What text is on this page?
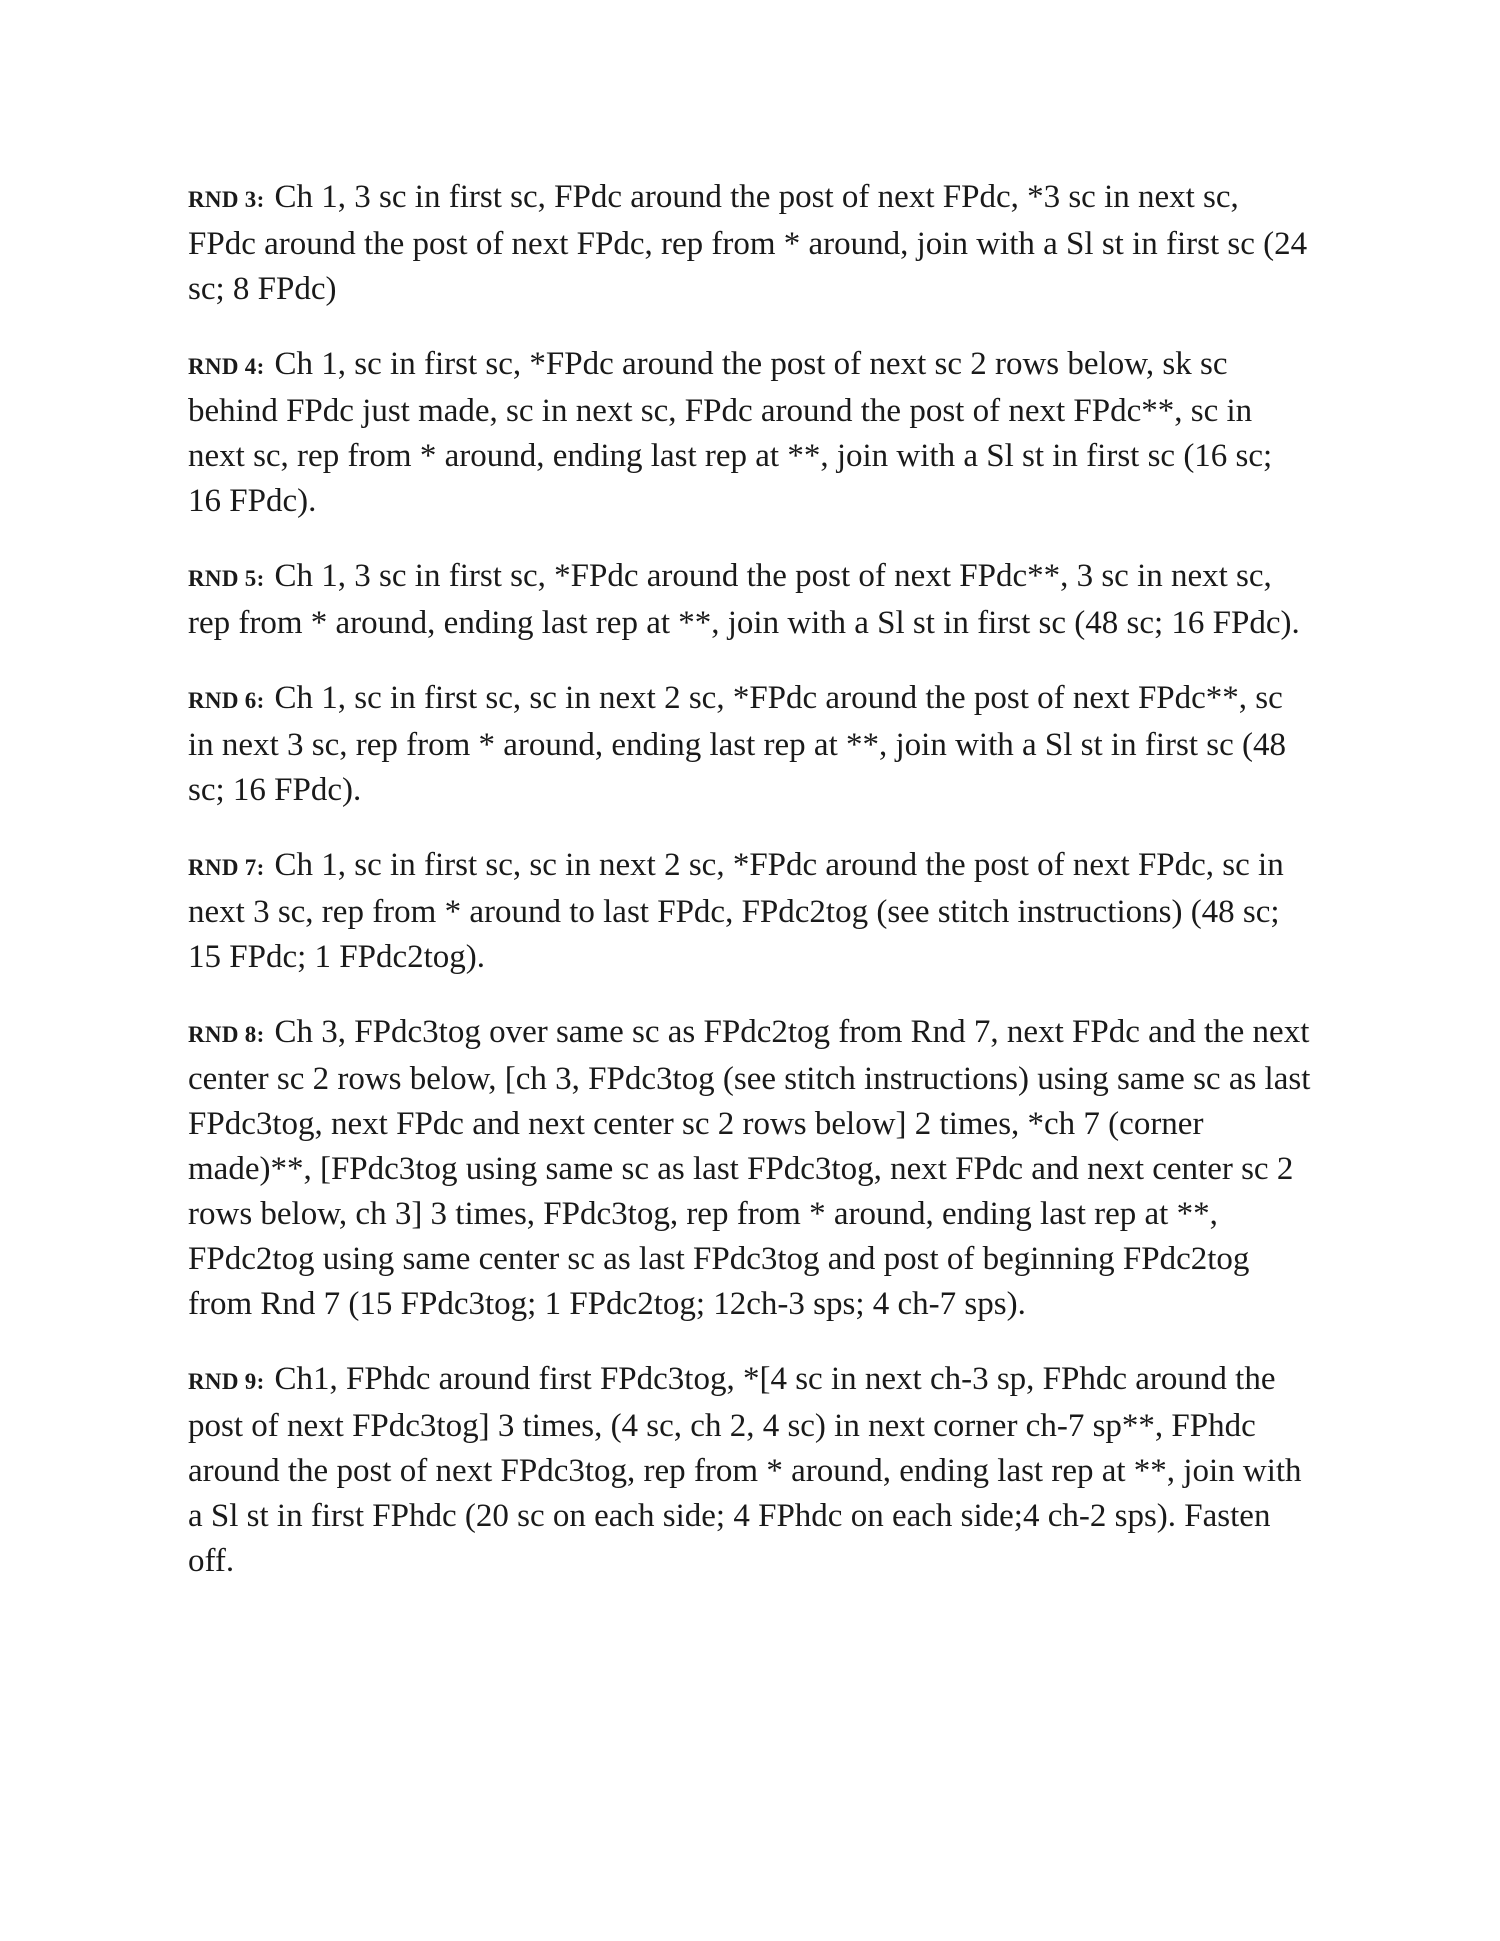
RND 3: Ch 1, 3 sc in first sc, FPdc around the post of next FPdc, *3 sc in next sc, FPdc around the post of next FPdc, rep from * around, join with a Sl st in first sc (24 sc; 8 FPdc)

RND 4: Ch 1, sc in first sc, *FPdc around the post of next sc 2 rows below, sk sc behind FPdc just made, sc in next sc, FPdc around the post of next FPdc**, sc in next sc, rep from * around, ending last rep at **, join with a Sl st in first sc (16 sc; 16 FPdc).

RND 5: Ch 1, 3 sc in first sc, *FPdc around the post of next FPdc**, 3 sc in next sc, rep from * around, ending last rep at **, join with a Sl st in first sc (48 sc; 16 FPdc).

RND 6: Ch 1, sc in first sc, sc in next 2 sc, *FPdc around the post of next FPdc**, sc in next 3 sc, rep from * around, ending last rep at **, join with a Sl st in first sc (48 sc; 16 FPdc).

RND 7: Ch 1, sc in first sc, sc in next 2 sc, *FPdc around the post of next FPdc, sc in next 3 sc, rep from * around to last FPdc, FPdc2tog (see stitch instructions) (48 sc; 15 FPdc; 1 FPdc2tog).

RND 8: Ch 3, FPdc3tog over same sc as FPdc2tog from Rnd 7, next FPdc and the next center sc 2 rows below, [ch 3, FPdc3tog (see stitch instructions) using same sc as last FPdc3tog, next FPdc and next center sc 2 rows below] 2 times, *ch 7 (corner made)**, [FPdc3tog using same sc as last FPdc3tog, next FPdc and next center sc 2 rows below, ch 3] 3 times, FPdc3tog, rep from * around, ending last rep at **, FPdc2tog using same center sc as last FPdc3tog and post of beginning FPdc2tog from Rnd 7 (15 FPdc3tog; 1 FPdc2tog; 12ch-3 sps; 4 ch-7 sps).

RND 9: Ch1, FPhdc around first FPdc3tog, *[4 sc in next ch-3 sp, FPhdc around the post of next FPdc3tog] 3 times, (4 sc, ch 2, 4 sc) in next corner ch-7 sp**, FPhdc around the post of next FPdc3tog, rep from * around, ending last rep at **, join with a Sl st in first FPhdc (20 sc on each side; 4 FPhdc on each side;4 ch-2 sps). Fasten off.
